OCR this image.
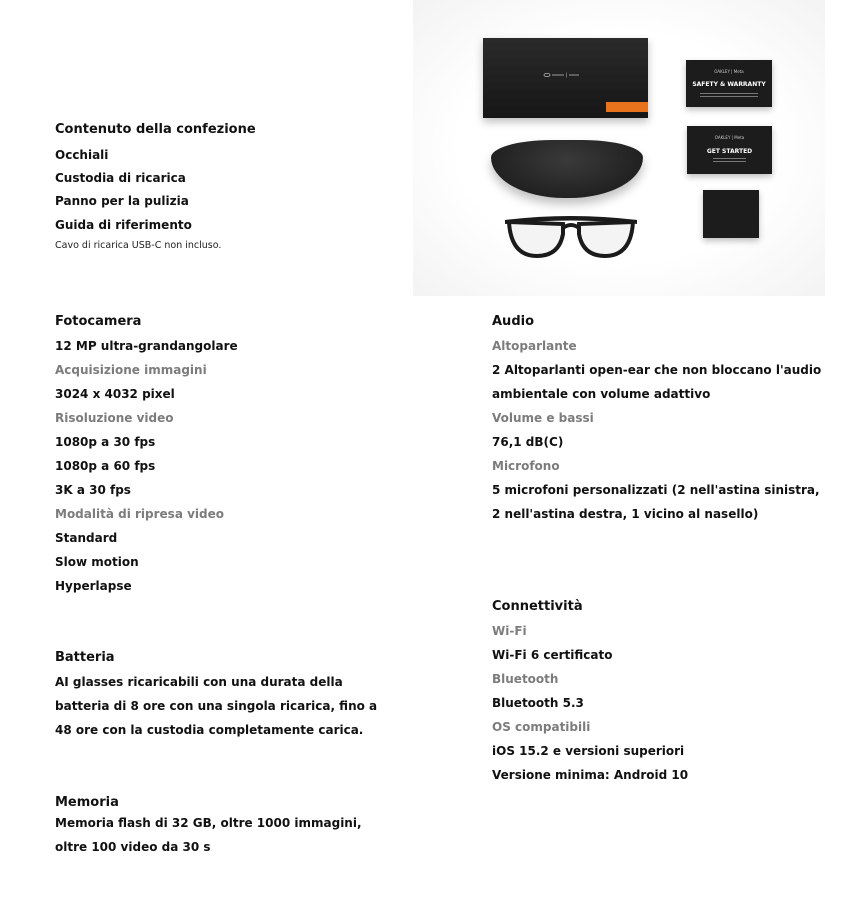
Contenuto della confezione
Occhiali
Custodia di ricarica
Panno per la pulizia
Guida di riferimento
Cavo di ricarica USB-C non incluso.
OAKLEY | Meta
SAFETY & WARRANTY
OAKLEY | Meta
GET STARTED
Fotocamera
12 MP ultra-grandangolare
Acquisizione immagini
3024 x 4032 pixel
Risoluzione video
1080p a 30 fps
1080p a 60 fps
3K a 30 fps
Modalità di ripresa video
Standard
Slow motion
Hyperlapse
Batteria
AI glasses ricaricabili con una durata della
batteria di 8 ore con una singola ricarica, fino a
48 ore con la custodia completamente carica.
Memoria
Memoria flash di 32 GB, oltre 1000 immagini,
oltre 100 video da 30 s
Audio
Altoparlante
2 Altoparlanti open-ear che non bloccano l'audio
ambientale con volume adattivo
Volume e bassi
76,1 dB(C)
Microfono
5 microfoni personalizzati (2 nell'astina sinistra,
2 nell'astina destra, 1 vicino al nasello)
Connettività
Wi-Fi
Wi-Fi 6 certificato
Bluetooth
Bluetooth 5.3
OS compatibili
iOS 15.2 e versioni superiori
Versione minima: Android 10
